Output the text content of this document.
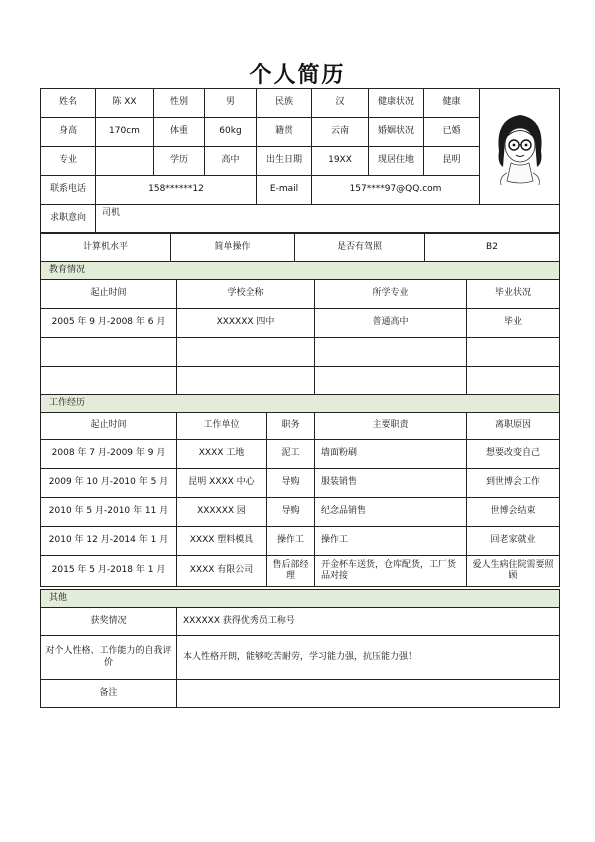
个人简历
姓名	陈 XX	性别	男	民族	汉	健康状况	健康	

身高	170cm	体重	60kg	籍贯	云南	婚姻状况	已婚	
专业		学历	高中	出生日期	19XX	现居住地	昆明	
联系电话	158******12			E-mail	157****97@QQ.com			
求职意向	司机							
计算机水平	简单操作	是否有驾照	B2
教育情况			
起止时间	学校全称	所学专业	毕业状况
2005 年 9 月-2008 年 6 月	XXXXXX 四中	普通高中	毕业

工作经历				
起止时间	工作单位	职务	主要职责	离职原因
2008 年 7 月-2009 年 9 月	XXXX 工地	泥工	墙面粉刷	想要改变自己
2009 年 10 月-2010 年 5 月	昆明 XXXX 中心	导购	服装销售	到世博会工作
2010 年 5 月-2010 年 11 月	XXXXXX 园	导购	纪念品销售	世博会结束
2010 年 12 月-2014 年 1 月	XXXX 塑料模具	操作工	操作工	回老家就业
2015 年 5 月-2018 年 1 月	XXXX 有限公司	售后部经理	开金杯车送货，仓库配货，工厂货品对接	爱人生病住院需要照顾
其他	
获奖情况	XXXXXX 获得优秀员工称号
对个人性格、工作能力的自我评价	本人性格开朗，能够吃苦耐劳，学习能力强，抗压能力强！
备注	
